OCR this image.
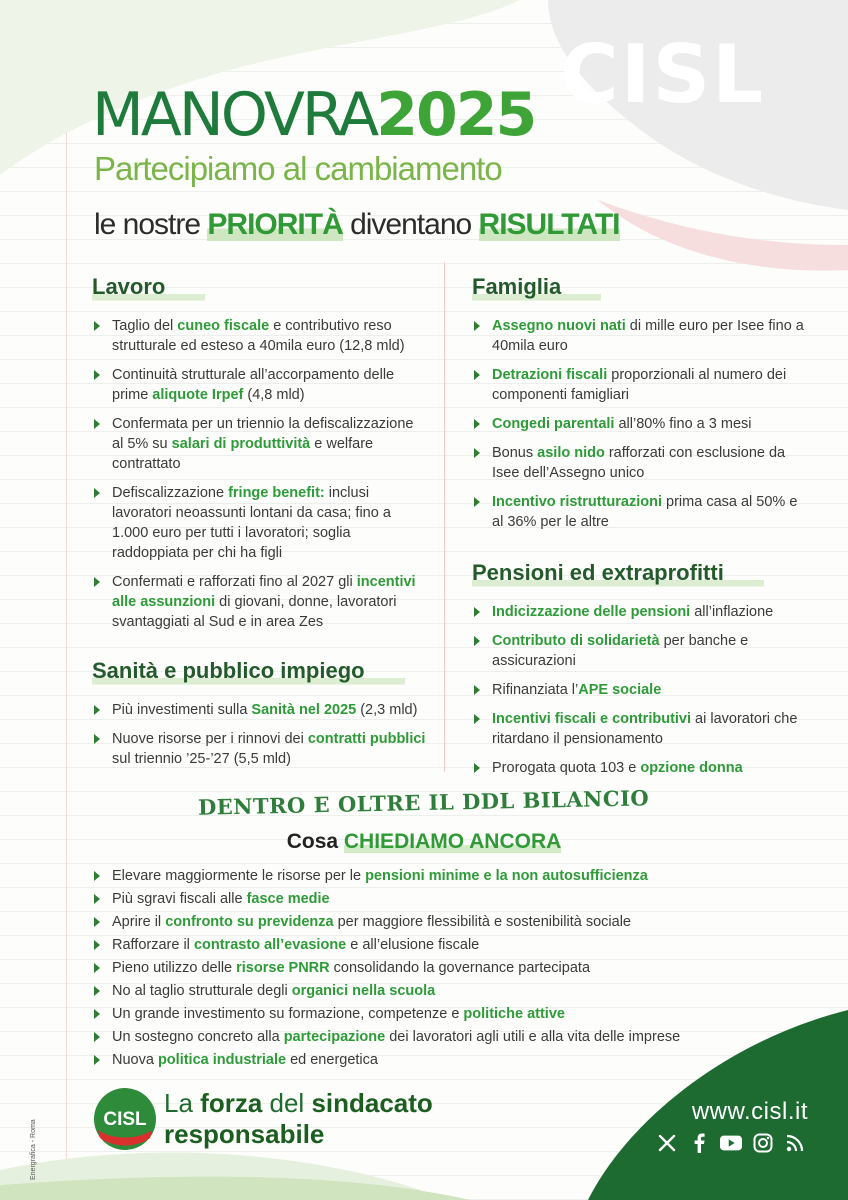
CISL
MANOVRA2025
Partecipiamo al cambiamento
le nostre PRIORITÀ diventano RISULTATI
Lavoro
Taglio del cuneo fiscale e contributivo reso strutturale ed esteso a 40mila euro (12,8 mld)
Continuità strutturale all’accorpamento delle prime aliquote Irpef (4,8 mld)
Confermata per un triennio la defiscalizzazione al 5% su salari di produttività e welfare contrattato
Defiscalizzazione fringe benefit: inclusi lavoratori neoassunti lontani da casa; fino a 1.000 euro per tutti i lavoratori; soglia raddoppiata per chi ha figli
Confermati e rafforzati fino al 2027 gli incentivi alle assunzioni di giovani, donne, lavoratori svantaggiati al Sud e in area Zes
Sanità e pubblico impiego
Più investimenti sulla Sanità nel 2025 (2,3 mld)
Nuove risorse per i rinnovi dei contratti pubblici sul triennio ’25-’27 (5,5 mld)
Famiglia
Assegno nuovi nati di mille euro per Isee fino a 40mila euro
Detrazioni fiscali proporzionali al numero dei componenti famigliari
Congedi parentali all’80% fino a 3 mesi
Bonus asilo nido rafforzati con esclusione da Isee dell’Assegno unico
Incentivo ristrutturazioni prima casa al 50% e al 36% per le altre
Pensioni ed extraprofitti
Indicizzazione delle pensioni all’inflazione
Contributo di solidarietà per banche e assicurazioni
Rifinanziata l’APE sociale
Incentivi fiscali e contributivi ai lavoratori che ritardano il pensionamento
Prorogata quota 103 e opzione donna
DENTRO E OLTRE IL DDL BILANCIO
Cosa CHIEDIAMO ANCORA
Elevare maggiormente le risorse per le pensioni minime e la non autosufficienza
Più sgravi fiscali alle fasce medie
Aprire il confronto su previdenza per maggiore flessibilità e sostenibilità sociale
Rafforzare il contrasto all’evasione e all’elusione fiscale
Pieno utilizzo delle risorse PNRR consolidando la governance partecipata
No al taglio strutturale degli organici nella scuola
Un grande investimento su formazione, competenze e politiche attive
Un sostegno concreto alla partecipazione dei lavoratori agli utili e alla vita delle imprese
Nuova politica industriale ed energetica
CISL
La forza del sindacato
responsabile
Energrafica - Roma
www.cisl.it
